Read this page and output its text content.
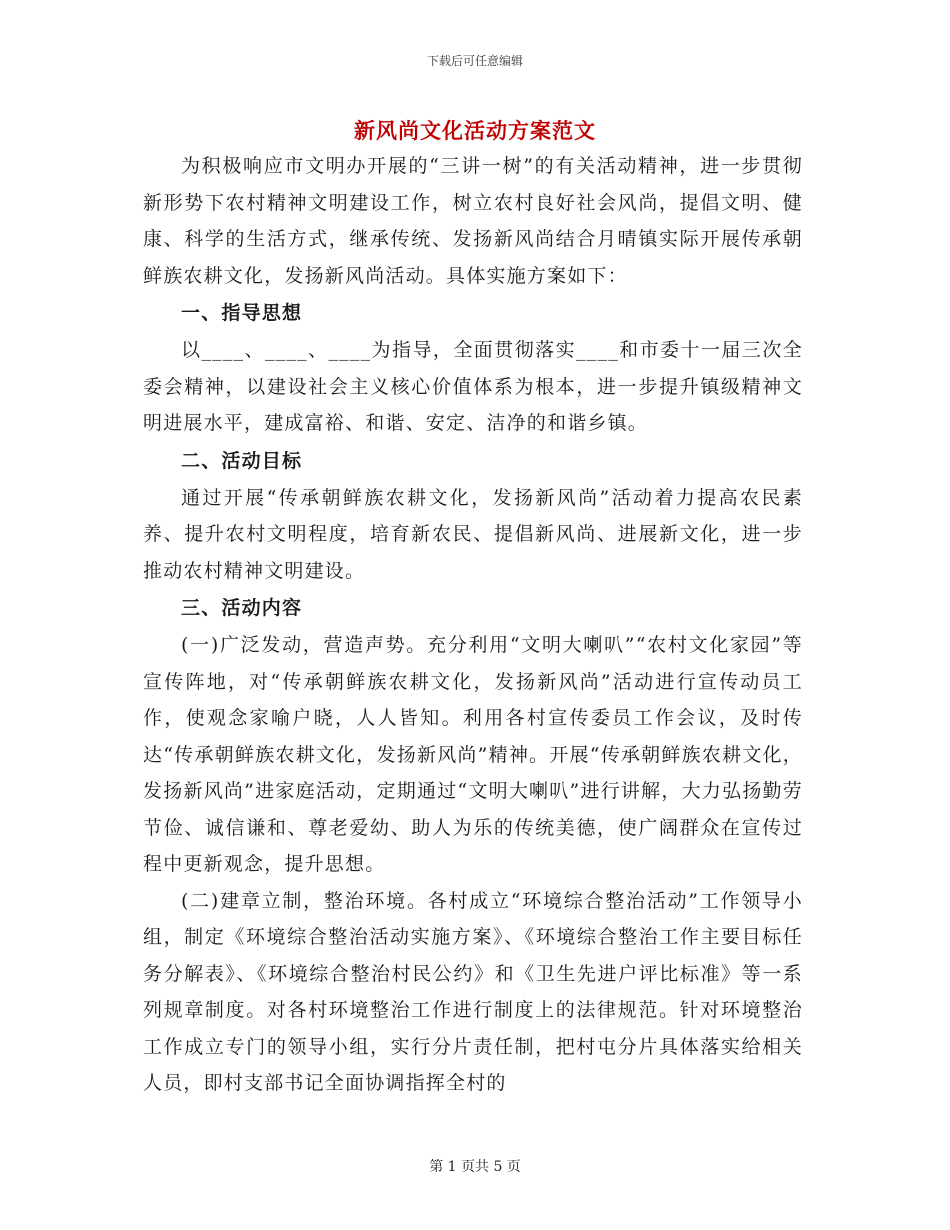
下载后可任意编辑
新风尚文化活动方案范文

为积极响应市文明办开展的“三讲一树”的有关活动精神，进一步贯彻新形势下农村精神文明建设工作，树立农村良好社会风尚，提倡文明、健康、科学的生活方式，继承传统、发扬新风尚结合月晴镇实际开展传承朝鲜族农耕文化，发扬新风尚活动。具体实施方案如下：

一、指导思想

以____、____、____为指导，全面贯彻落实____和市委十一届三次全委会精神，以建设社会主义核心价值体系为根本，进一步提升镇级精神文明进展水平，建成富裕、和谐、安定、洁净的和谐乡镇。

二、活动目标

通过开展“传承朝鲜族农耕文化，发扬新风尚”活动着力提高农民素养、提升农村文明程度，培育新农民、提倡新风尚、进展新文化，进一步推动农村精神文明建设。

三、活动内容

(一)广泛发动，营造声势。充分利用“文明大喇叭”“农村文化家园”等宣传阵地，对“传承朝鲜族农耕文化，发扬新风尚”活动进行宣传动员工作，使观念家喻户晓，人人皆知。利用各村宣传委员工作会议，及时传达“传承朝鲜族农耕文化，发扬新风尚”精神。开展“传承朝鲜族农耕文化，发扬新风尚”进家庭活动，定期通过“文明大喇叭”进行讲解，大力弘扬勤劳节俭、诚信谦和、尊老爱幼、助人为乐的传统美德，使广阔群众在宣传过程中更新观念，提升思想。

(二)建章立制，整治环境。各村成立“环境综合整治活动”工作领导小组，制定《环境综合整治活动实施方案》、《环境综合整治工作主要目标任务分解表》、《环境综合整治村民公约》和《卫生先进户评比标准》等一系列规章制度。对各村环境整治工作进行制度上的法律规范。针对环境整治工作成立专门的领导小组，实行分片责任制，把村屯分片具体落实给相关人员，即村支部书记全面协调指挥全村的

第 1 页共 5 页
